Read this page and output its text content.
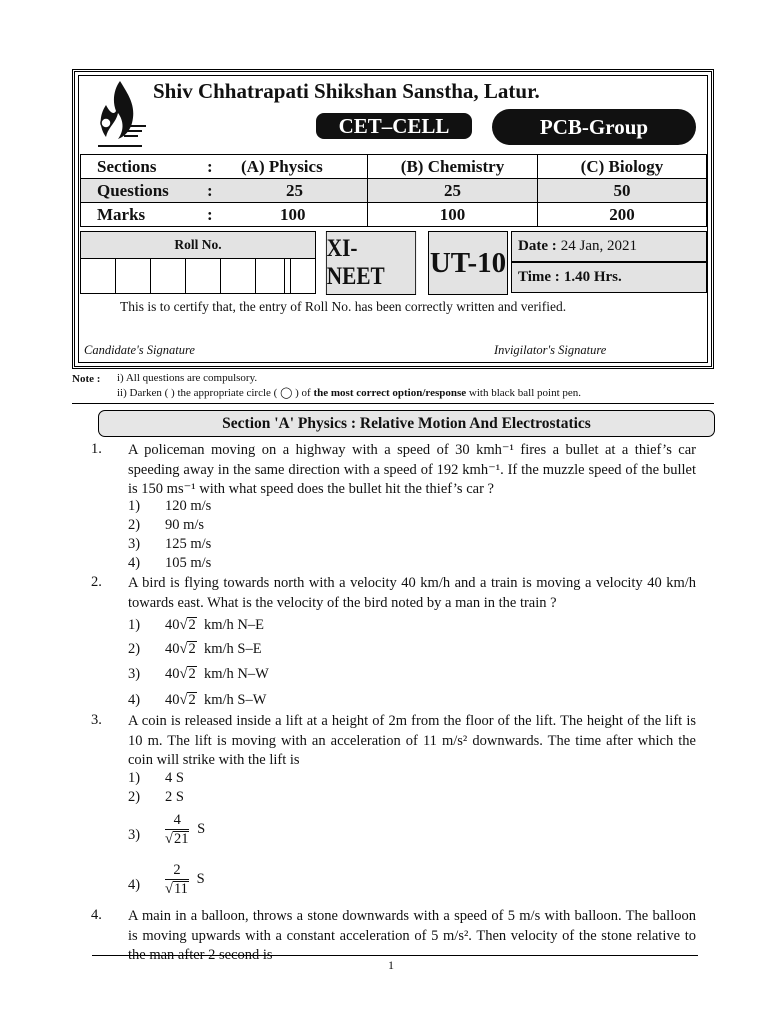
Shiv Chhatrapati Shikshan Sanstha, Latur.
CET–CELL	PCB-Group
Sections	: (A) Physics	(B) Chemistry	(C) Biology
Questions :	25	25	50
Marks	:	100	100	200
Roll No.	XI-NEET	UT-10
Date : 24 Jan, 2021
Time : 1.40 Hrs.
This is to certify that, the entry of Roll No. has been correctly written and verified.
Candidate's Signature	Invigilator's Signature
Note : i) All questions are compulsory.
ii) Darken ( ) the appropriate circle ( ◯ ) of the most correct option/response with black ball point pen.
Section 'A' Physics : Relative Motion And Electrostatics
1. A policeman moving on a highway with a speed of 30 kmh⁻¹ fires a bullet at a thief’s car speeding away in the same direction with a speed of 192 kmh⁻¹. If the muzzle speed of the bullet is 150 ms⁻¹ with what speed does the bullet hit the thief’s car ?
1) 120 m/s
2) 90 m/s
3) 125 m/s
4) 105 m/s
2. A bird is flying towards north with a velocity 40 km/h and a train is moving a velocity 40 km/h towards east. What is the velocity of the bird noted by a man in the train ?
1) 40√2 km/h N–E
2) 40√2 km/h S–E
3) 40√2 km/h N–W
4) 40√2 km/h S–W
3. A coin is released inside a lift at a height of 2m from the floor of the lift. The height of the lift is 10 m. The lift is moving with an acceleration of 11 m/s² downwards. The time after which the coin will strike with the lift is
1) 4 S
2) 2 S
$3) \frac{4}{√21}$ S
$4) \frac{2}{√11}$ S
4. A main in a balloon, throws a stone downwards with a speed of 5 m/s with balloon. The balloon is moving upwards with a constant acceleration of 5 m/s². Then velocity of the stone relative to the man after 2 second is
1
